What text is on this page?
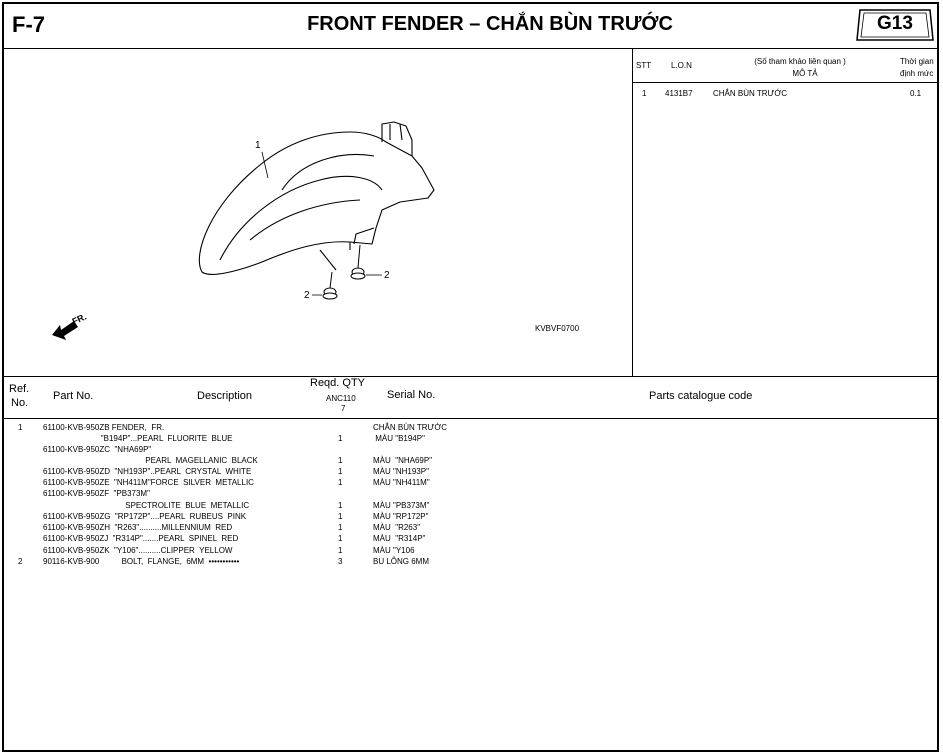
F-7	FRONT FENDER – CHẮN BÙN TRƯỚC	G13
1
2
2
FR.
KVBVF0700
STT L.O.N	(Số tham khảo liên quan )
MÔ TẢ
Thời gian
định mức
1 4131B7	CHẮN BÙN TRƯỚC	0.1
Ref.
No.
Part No.	Description
Reqd. QTY
ANC110
7
Serial No.	Parts catalogue code
1	61100-KVB-950ZB FENDER,  FR.	CHẮN BÙN TRƯỚC
"B194P"...PEARL  FLUORITE  BLUE	1	MÀU "B194P"
61100-KVB-950ZC  "NHA69P"
PEARL  MAGELLANIC  BLACK	1	MÀU  "NHA69P"
61100-KVB-950ZD  "NH193P"..PEARL  CRYSTAL  WHITE	1	MÀU "NH193P"
61100-KVB-950ZE  "NH411M"FORCE  SILVER  METALLIC	1	MÀU "NH411M"
61100-KVB-950ZF  "PB373M"
SPECTROLITE  BLUE  METALLIC	1	MÀU "PB373M"
61100-KVB-950ZG  "RP172P"....PEARL  RUBEUS  PINK	1	MÀU "RP172P"
61100-KVB-950ZH  "R263"..........MILLENNIUM  RED	1	MÀU  "R263"
61100-KVB-950ZJ  "R314P".......PEARL  SPINEL  RED	1	MÀU  "R314P"
61100-KVB-950ZK  "Y106"..........CLIPPER  YELLOW	1	MÀU "Y106
2	90116-KVB-900          BOLT,  FLANGE,  6MM  •••••••••••	3	BU LÔNG 6MM
